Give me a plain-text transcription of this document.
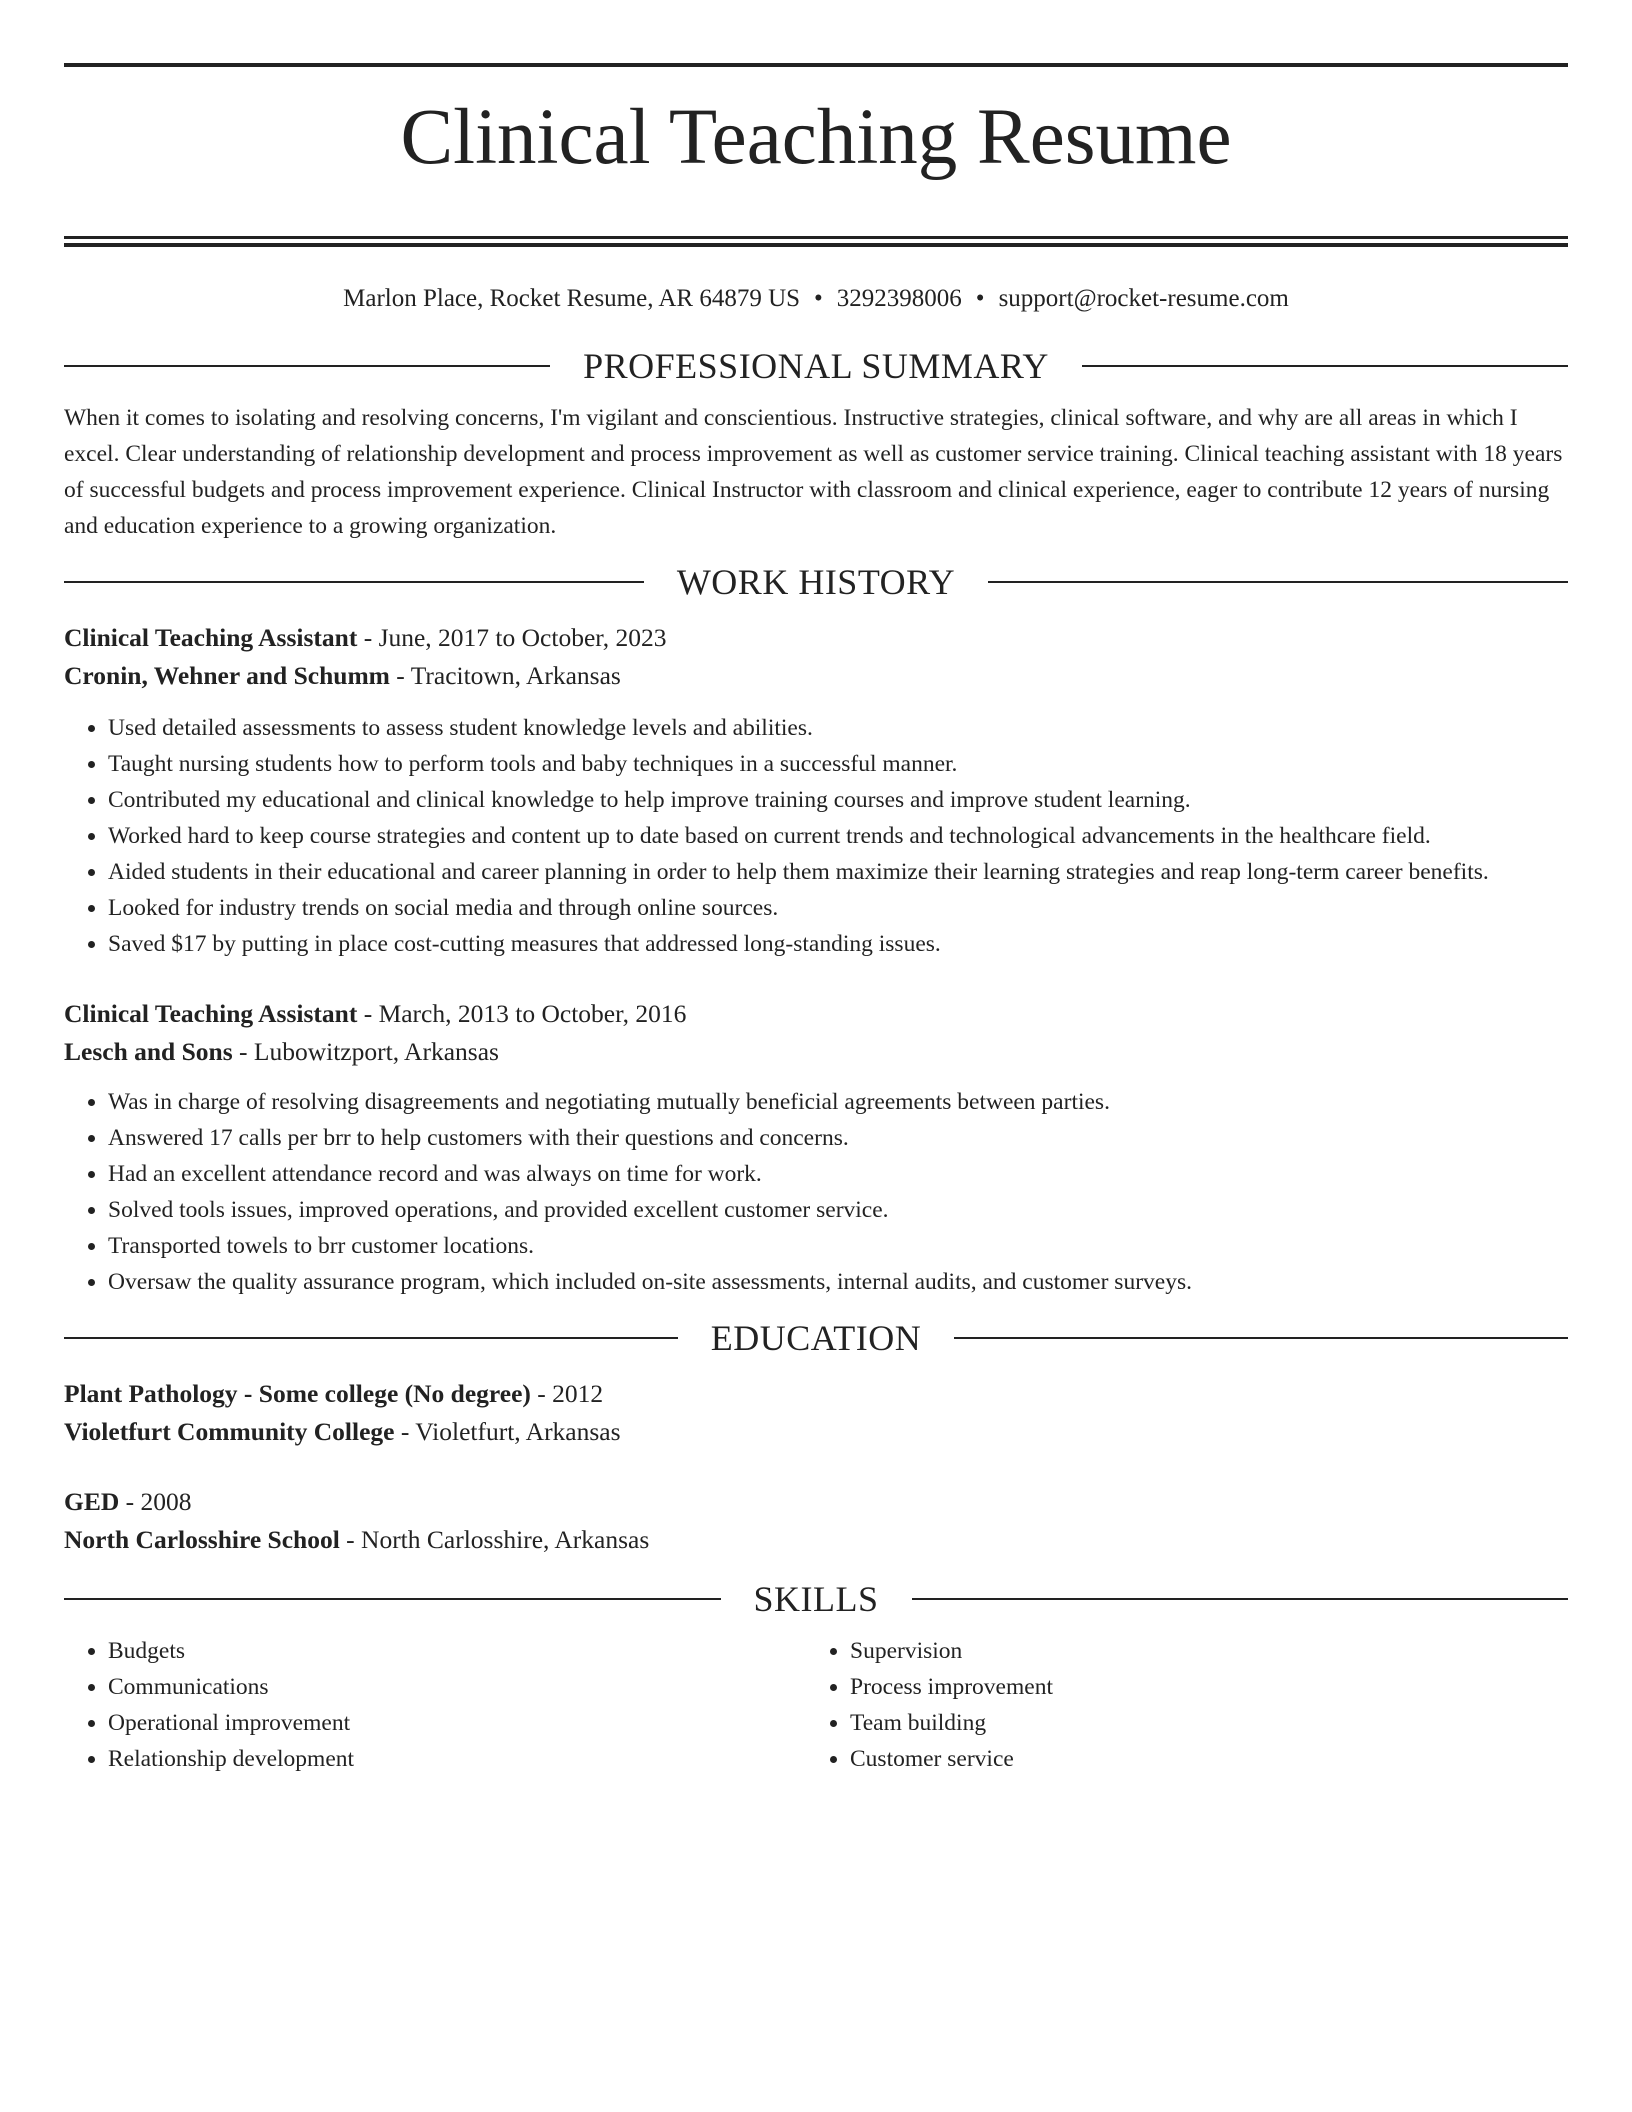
Clinical Teaching Resume
Marlon Place, Rocket Resume, AR 64879 US • 3292398006 • support@rocket-resume.com
PROFESSIONAL SUMMARY

When it comes to isolating and resolving concerns, I'm vigilant and conscientious. Instructive strategies, clinical software, and why are all areas in which I excel. Clear understanding of relationship development and process improvement as well as customer service training. Clinical teaching assistant with 18 years of successful budgets and process improvement experience. Clinical Instructor with classroom and clinical experience, eager to contribute 12 years of nursing and education experience to a growing organization.

WORK HISTORY

Clinical Teaching Assistant - June, 2017 to October, 2023

Cronin, Wehner and Schumm - Tracitown, Arkansas

• Used detailed assessments to assess student knowledge levels and abilities.
• Taught nursing students how to perform tools and baby techniques in a successful manner.
• Contributed my educational and clinical knowledge to help improve training courses and improve student learning.
• Worked hard to keep course strategies and content up to date based on current trends and technological advancements in the healthcare field.
• Aided students in their educational and career planning in order to help them maximize their learning strategies and reap long-term career benefits.
• Looked for industry trends on social media and through online sources.
• Saved $17 by putting in place cost-cutting measures that addressed long-standing issues.

Clinical Teaching Assistant - March, 2013 to October, 2016

Lesch and Sons - Lubowitzport, Arkansas

• Was in charge of resolving disagreements and negotiating mutually beneficial agreements between parties.
• Answered 17 calls per brr to help customers with their questions and concerns.
• Had an excellent attendance record and was always on time for work.
• Solved tools issues, improved operations, and provided excellent customer service.
• Transported towels to brr customer locations.
• Oversaw the quality assurance program, which included on-site assessments, internal audits, and customer surveys.
EDUCATION

Plant Pathology - Some college (No degree) - 2012

Violetfurt Community College - Violetfurt, Arkansas

GED - 2008

North Carlosshire School - North Carlosshire, Arkansas

SKILLS
• Budgets
• Communications
• Operational improvement
• Relationship development
• Supervision
• Process improvement
• Team building
• Customer service
